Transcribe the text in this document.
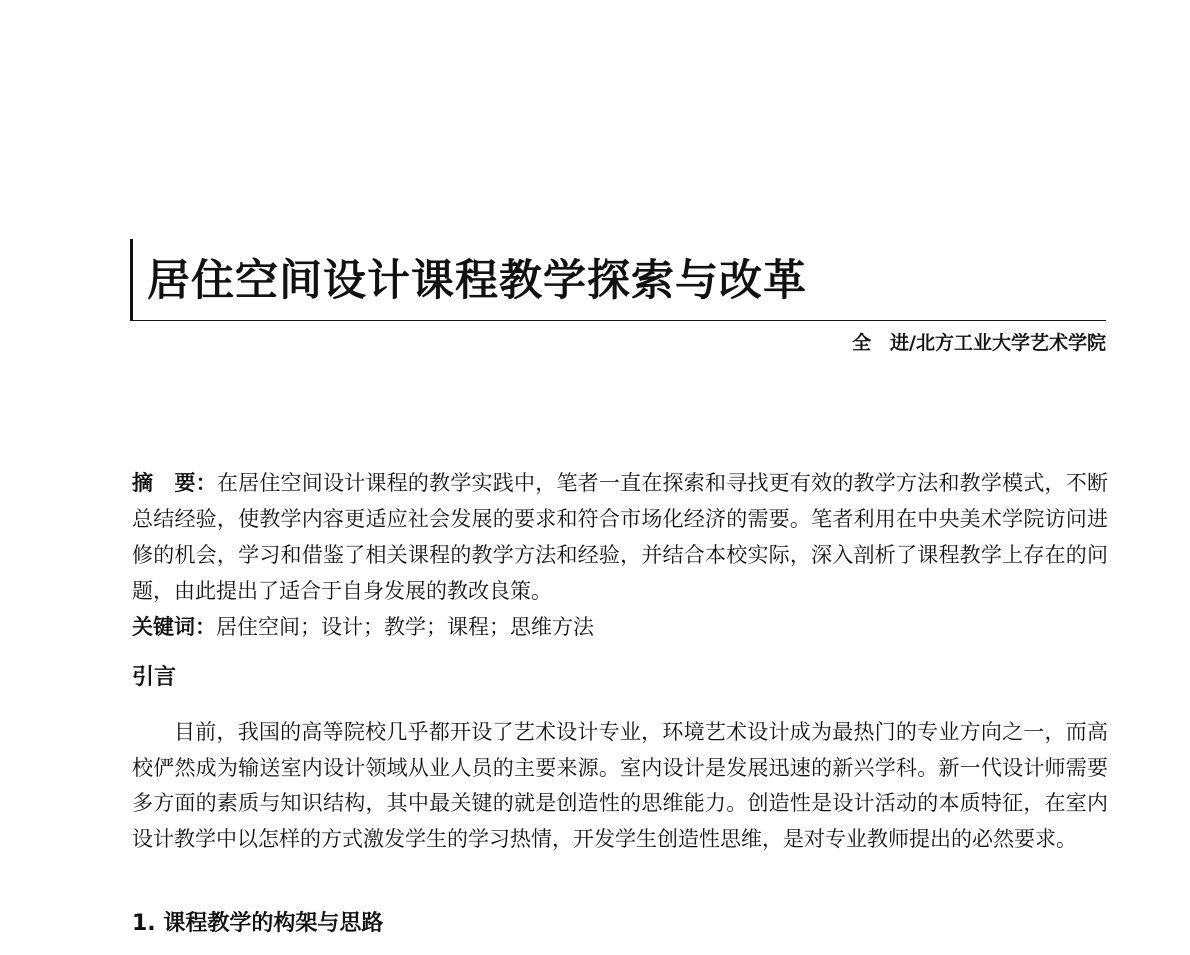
居住空间设计课程教学探索与改革
全　进/北方工业大学艺术学院

摘　要：在居住空间设计课程的教学实践中，笔者一直在探索和寻找更有效的教学方法和教学模式，不断总结经验，使教学内容更适应社会发展的要求和符合市场化经济的需要。笔者利用在中央美术学院访问进修的机会，学习和借鉴了相关课程的教学方法和经验，并结合本校实际，深入剖析了课程教学上存在的问题，由此提出了适合于自身发展的教改良策。

关键词：居住空间；设计；教学；课程；思维方法
引言

目前，我国的高等院校几乎都开设了艺术设计专业，环境艺术设计成为最热门的专业方向之一，而高校俨然成为输送室内设计领域从业人员的主要来源。室内设计是发展迅速的新兴学科。新一代设计师需要多方面的素质与知识结构，其中最关键的就是创造性的思维能力。创造性是设计活动的本质特征，在室内设计教学中以怎样的方式激发学生的学习热情，开发学生创造性思维，是对专业教师提出的必然要求。

1. 课程教学的构架与思路
